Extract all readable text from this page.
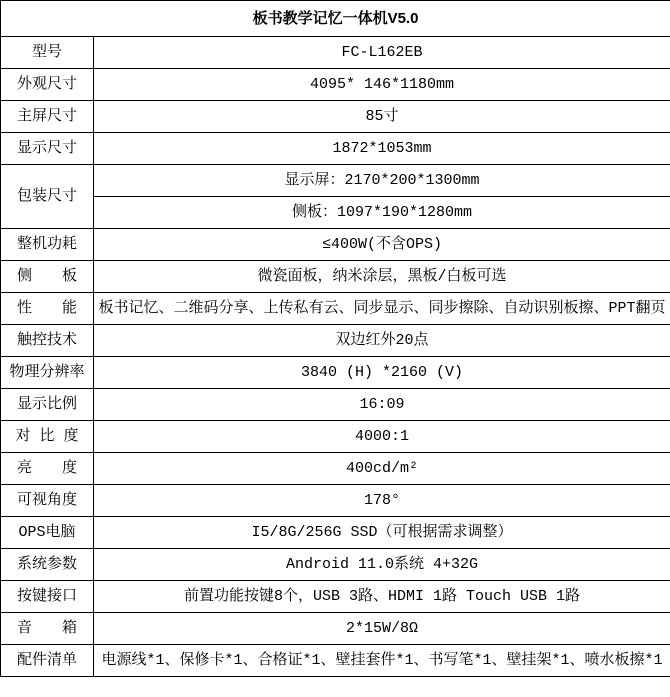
板书教学记忆一体机V5.0	
型号	FC-L162EB
外观尺寸	4095* 146*1180mm
主屏尺寸	85寸
显示尺寸	1872*1053mm
包装尺寸	显示屏：2170*200*1300mm
	侧板：1097*190*1280mm
整机功耗	≤400W(不含OPS)
侧　　板	微瓷面板，纳米涂层，黑板/白板可选
性　　能	板书记忆、二维码分享、上传私有云、同步显示、同步擦除、自动识别板擦、PPT翻页
触控技术	双边红外20点
物理分辨率	3840 (H) *2160 (V)
显示比例	16:09
对 比 度	4000:1
亮　　度	400cd/m²
可视角度	178°
OPS电脑	I5/8G/256G SSD（可根据需求调整）
系统参数	Android 11.0系统 4+32G
按键接口	前置功能按键8个，USB 3路、HDMI 1路 Touch USB 1路
音　　箱	2*15W/8Ω
配件清单	电源线*1、保修卡*1、合格证*1、壁挂套件*1、书写笔*1、壁挂架*1、喷水板擦*1
